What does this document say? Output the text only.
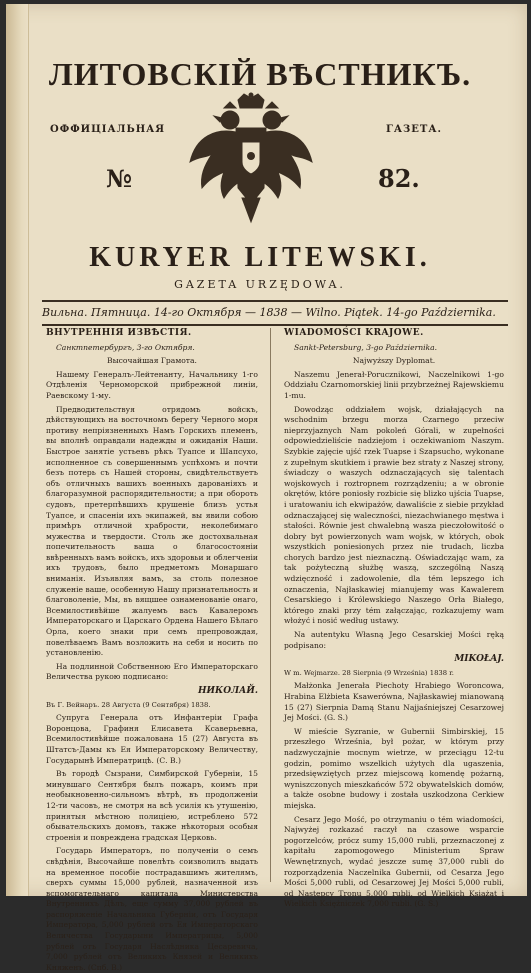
ЛИТОВСКIЙ ВѢСТНИКЪ.
ОФФИЦIАЛЬНАЯ	ГАЗЕТА.
№	82.
KURYER LITEWSKI.
GAZETA URZĘDOWA.
Вильна. Пятница. 14-го Октября — 1838 — Wilno. Piątek. 14-go Października.
ВНУТРЕННIЯ ИЗВѢСТIЯ.

Санктпетербургъ, 3-го Октября.

Высочайшая Грамота.

Нашему Генералъ-Лейтенанту, Начальнику 1-го Отдѣленiя Черноморской прибрежной линiи, Раевскому 1-му.

Предводительствуя отрядомъ войскъ, дѣйствующихъ на восточномъ берегу Черного моря противу непрiязненныхъ Намъ Горскихъ племенъ, вы вполнѣ оправдали надежды и ожиданiя Наши. Быстрое занятiе устьевъ рѣкъ Туапсе и Шапсухо, исполненное съ совершеннымъ успѣхомъ и почти безъ потерь съ Нашей стороны, свидѣтельствуетъ объ отличныхъ вашихъ военныхъ дарованiяхъ и благоразумной распорядительности; а при обороть судовъ, претерпѣвшихъ крушенiе близъ устья Туапсе, и спасенiи ихъ экипажей, вы явили собою примѣръ отличной храбрости, неколебимаго мужества и твердости. Столь же достохвальная попечительность ваша о благосостоянiи ввѣренныхъ вамъ войскъ, ихъ здоровьи и облегченiи ихъ трудовъ, было предметомъ Монаршаго вниманiя. Изъявляя вамъ, за столь полезное служенiе ваше, особенную Нашу признательность и благоволенiе, Мы, въ вящшее ознаменованiе онаго, Всемилостивѣйше жалуемъ васъ Кавалеромъ Императорскаго и Царскаго Ордена Нашего Бѣлаго Орла, коего знаки при семъ препровождая, повелѣваемъ Вамъ возложить на себя и носить по установленiю.

На подлинной Собственною Его Императорскаго Величества рукою подписано:

НИКОЛАЙ.

Въ Г. Вейнаръ. 28 Августа (9 Сентября) 1838.

Супруга Генерала отъ Инфантерiи Графа Воронцова, Графиня Елисавета Ксаверьевна, Всемилостивѣйше пожалована 15 (27) Августа въ Штатсъ-Дамы къ Ея Императорскому Величеству, Государынѣ Императрицѣ. (С. В.)

Въ городѣ Сызрани, Симбирской Губернiи, 15 минувшаго Сентября былъ пожаръ, коимъ при необыкновенно-сильномъ вѣтрѣ, въ продолженiи 12-ти часовъ, не смотря на всѣ усилiя къ утушенiю, принятыя мѣстною полицiею, истреблено 572 обывательскихъ домовъ, также нѣкоторыя особыя строенiя и повреждена градская Церковь.

Государь Императоръ, по полученiи о семъ свѣдѣнiя, Высочайше повелѣть соизволилъ выдать на временное пособiе пострадавшимъ жителямъ, сверхъ суммы 15,000 рублей, назначенной изъ вспомогательнаго капитала Министерства Внутреннихъ Дѣлъ, еще сумму 37,000 рублей въ распоряженiе Начальника Губернiи, отъ Государя Императора, 5,000 рублей отъ Ея Императорскаго Величества Государыни Императрицы, 5,000 рублей отъ Государя Наслѣдника Цесаревича, 7,000 рублей отъ Великихъ Князей и Великихъ Княженъ. (Спб. В.)

WIADOMOŚCI KRAJOWE.

Sankt-Petersburg, 3-go Października.

Najwyższy Dyplomat.

Naszemu Jenerał-Porucznikowi, Naczelnikowi 1-go Oddziału Czarnomorskiej linii przybrzeżnej Rajewskiemu 1-mu.

Dowodząc oddziałem wojsk, działających na wschodnim brzegu morza Czarnego przeciw nieprzyjaznych Nam pokoleń Górali, w zupełności odpowiedzieliście nadziejom i oczekiwaniom Naszym. Szybkie zajęcie ujść rzek Tuapse i Szapsucho, wykonane z zupełnym skutkiem i prawie bez straty z Naszej strony, świadczy o waszych odznaczających się talentach wojskowych i roztropnem rozrządzeniu; a w obronie okrętów, które poniosły rozbicie się blizko ujścia Tuapse, i uratowaniu ich ekwipażów, dawaliście z siebie przykład odznaczającej się waleczności, niezachwianego męstwa i stałości. Równie jest chwalebną wasza pieczołowitość o dobry byt powierzonych wam wojsk, w których, obok wszystkich poniesionych przez nie trudach, liczba chorych bardzo jest nieznaczną. Oświadczając wam, za tak pożyteczną służbę waszą, szczególną Naszą wdzięczność i zadowolenie, dla tém lepszego ich oznaczenia, Najłaskawiej mianujemy was Kawalerem Cesarskiego i Królewskiego Naszego Orła Białego, którego znaki przy tém załączając, rozkazujemy wam włożyć i nosić według ustawy.

Na autentyku Własną Jego Cesarskiej Mości ręką podpisano:

MIKOŁAJ.

W m. Wejmarze. 28 Sierpnia (9 Września) 1838 r.

Małżonka Jenerała Piechoty Hrabiego Woroncowa, Hrabina Elżbieta Ksawerówna, Najłaskawiej mianowaną 15 (27) Sierpnia Damą Stanu Najjaśniejszej Cesarzowej Jej Mości. (G. S.)

W mieście Syzranie, w Gubernii Simbirskiej, 15 przeszłego Września, był pożar, w którym przy nadzwyczajnie mocnym wietrze, w przeciągu 12-tu godzin, pomimo wszelkich użytych dla ugaszenia, przedsięwziętych przez miejscową komendę pożarną, wyniszczonych mieszkańców 572 obywatelskich domów, a także osobne budowy i została uszkodzona Cerkiew miejska.

Cesarz Jego Mość, po otrzymaniu o tém wiadomości, Najwyżej rozkazać raczył na czasowe wsparcie pogorzelców, prócz sumy 15,000 rubli, przeznaczonej z kapitału zapomogowego Ministerium Spraw Wewnętrznych, wydać jeszcze sumę 37,000 rubli do rozporządzenia Naczelnika Gubernii, od Cesarza Jego Mości 5,000 rubli, od Cesarzowej Jej Mości 5,000 rubli, od Następcy Tronu 5,000 rubli, od Wielkich Książąt i Wielkich Księżniczek 7,000 rubli. (G. S.)
